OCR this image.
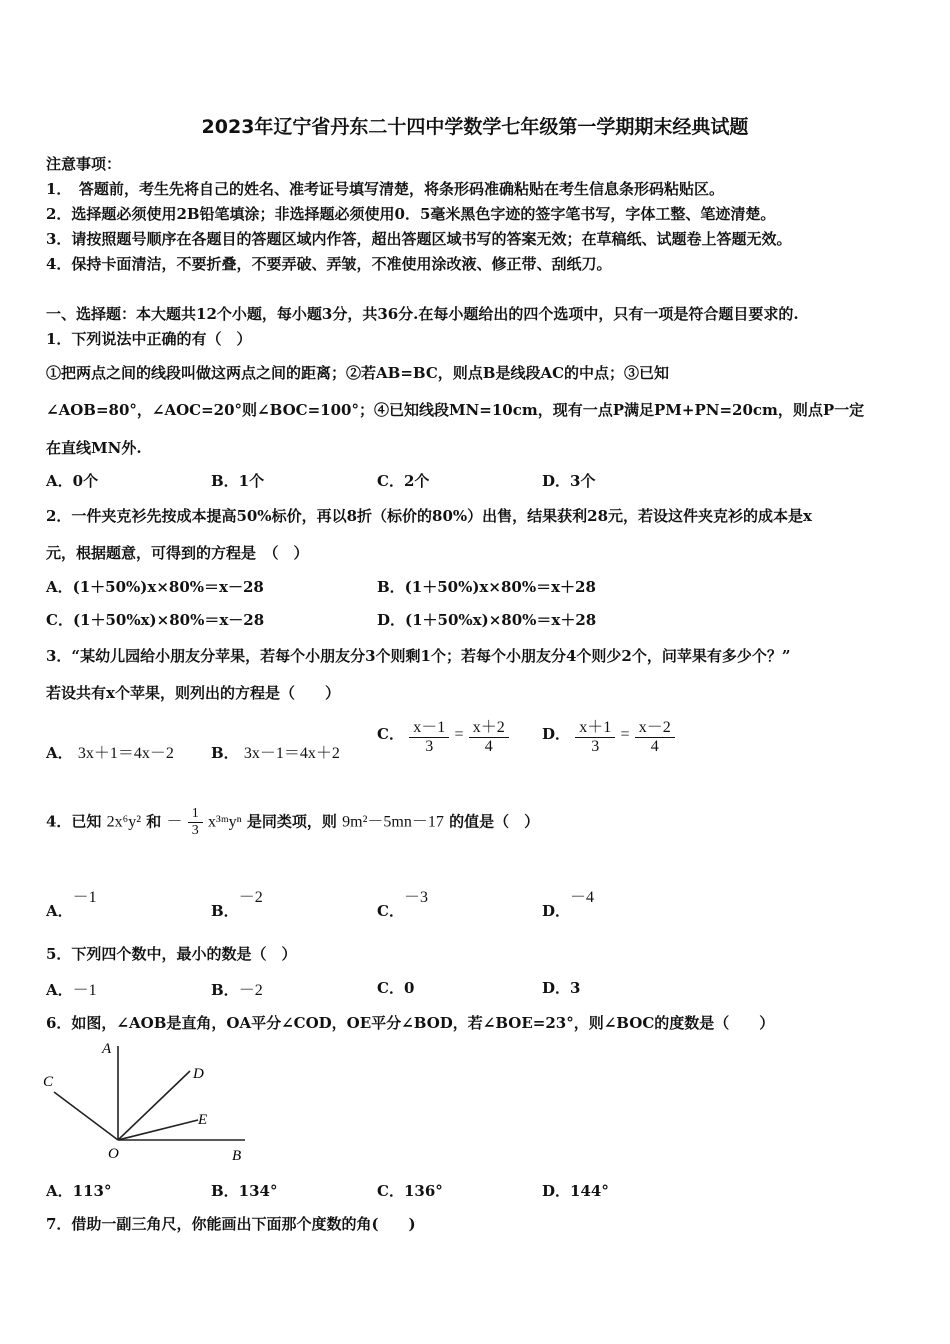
2023年辽宁省丹东二十四中学数学七年级第一学期期末经典试题
注意事项：
1．　答题前，考生先将自己的姓名、准考证号填写清楚，将条形码准确粘贴在考生信息条形码粘贴区。
2．选择题必须使用2B铅笔填涂；非选择题必须使用0．5毫米黑色字迹的签字笔书写，字体工整、笔迹清楚。
3．请按照题号顺序在各题目的答题区域内作答，超出答题区域书写的答案无效；在草稿纸、试题卷上答题无效。
4．保持卡面清洁，不要折叠，不要弄破、弄皱，不准使用涂改液、修正带、刮纸刀。
一、选择题：本大题共12个小题，每小题3分，共36分.在每小题给出的四个选项中，只有一项是符合题目要求的.
1．下列说法中正确的有（　）
①把两点之间的线段叫做这两点之间的距离；②若AB=BC，则点B是线段AC的中点；③已知
∠AOB=80°，∠AOC=20°则∠BOC=100°；④已知线段MN=10cm，现有一点P满足PM+PN=20cm，则点P一定
在直线MN外.
A．0个	B．1个	C．2个	D．3个
2．一件夹克衫先按成本提高50%标价，再以8折（标价的80%）出售，结果获利28元，若设这件夹克衫的成本是x
元，根据题意，可得到的方程是　（　）
A．(1＋50%)x×80%＝x－28	B．(1＋50%)x×80%＝x＋28
C．(1＋50%x)×80%＝x－28	D．(1＋50%x)×80%＝x＋28
3．“某幼儿园给小朋友分苹果，若每个小朋友分3个则剩1个；若每个小朋友分4个则少2个，问苹果有多少个？”
若设共有x个苹果，则列出的方程是（　　）
A． 3x＋1＝4x－2 B． 3x－1＝4x＋2
C． $\frac{x-1}{3} = \frac{x+2}{4}$ D． $\frac{x+1}{3} = \frac{x-2}{4}$
4．已知 2x⁶y² 和 － $\frac{1}{3}$ x³ᵐyⁿ 是同类项，则 9m²－5mn－17 的值是（　）
A．－1
B．－2
C．－3
D．－4
5．下列四个数中，最小的数是（　）
A．－1	B．－2	C．0	D．3
6．如图，∠AOB是直角，OA平分∠COD，OE平分∠BOD，若∠BOE=23°，则∠BOC的度数是（　　）
A
C	D
E
O	B
A．113°	B．134°	C．136°	D．144°
7．借助一副三角尺，你能画出下面那个度数的角(　　)
